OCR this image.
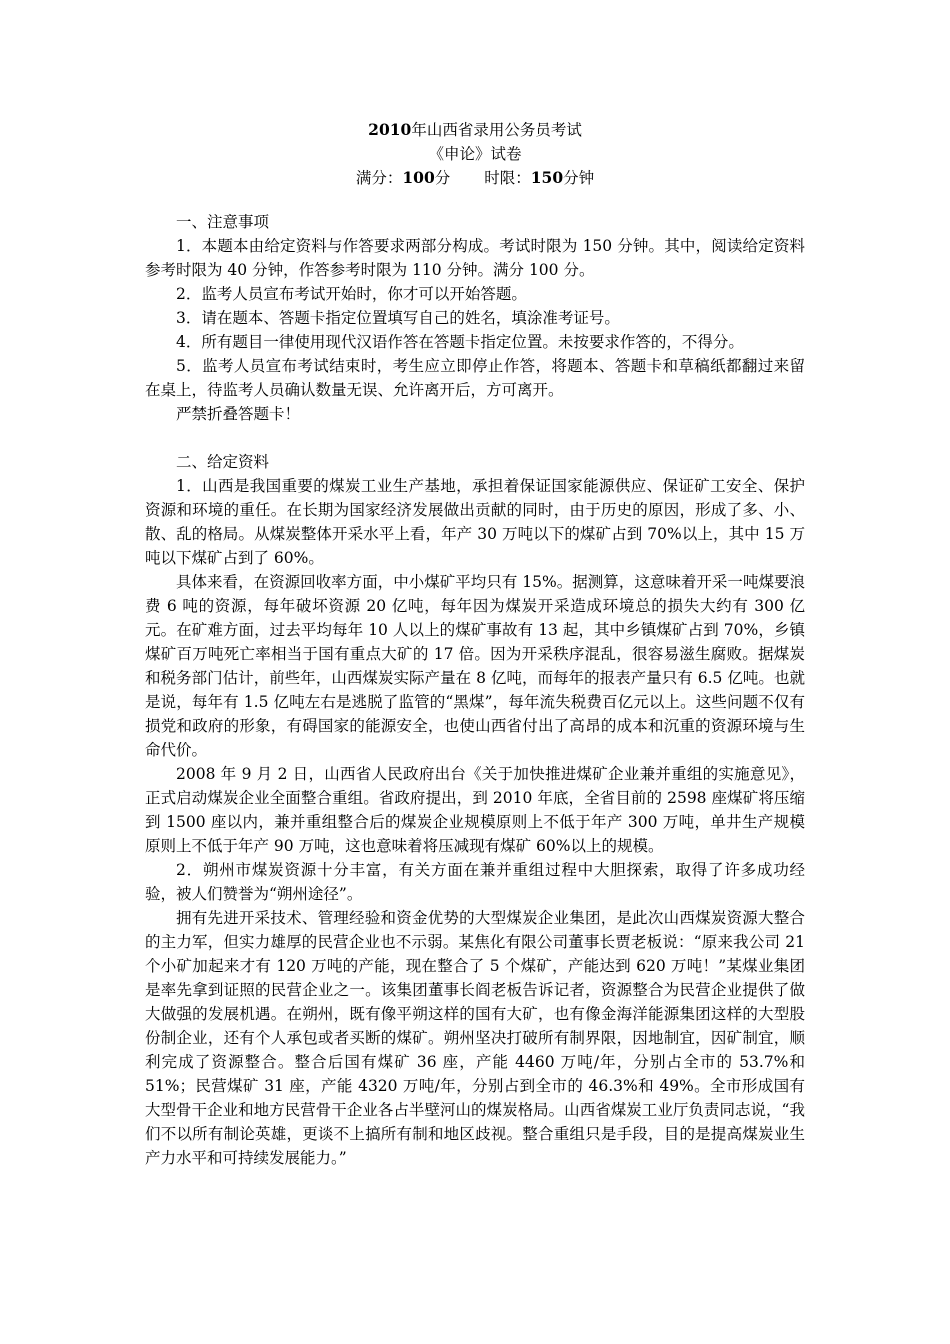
2010年山西省录用公务员考试
《申论》试卷
满分：100分 时限：150分钟
一、注意事项

1．本题本由给定资料与作答要求两部分构成。考试时限为 150 分钟。其中，阅读给定资料参考时限为 40 分钟，作答参考时限为 110 分钟。满分 100 分。

2．监考人员宣布考试开始时，你才可以开始答题。

3．请在题本、答题卡指定位置填写自己的姓名，填涂准考证号。

4．所有题目一律使用现代汉语作答在答题卡指定位置。未按要求作答的，不得分。

5．监考人员宣布考试结束时，考生应立即停止作答，将题本、答题卡和草稿纸都翻过来留在桌上，待监考人员确认数量无误、允许离开后，方可离开。

严禁折叠答题卡！

二、给定资料

1．山西是我国重要的煤炭工业生产基地，承担着保证国家能源供应、保证矿工安全、保护资源和环境的重任。在长期为国家经济发展做出贡献的同时，由于历史的原因，形成了多、小、散、乱的格局。从煤炭整体开采水平上看，年产 30 万吨以下的煤矿占到 70%以上，其中 15 万吨以下煤矿占到了 60%。

具体来看，在资源回收率方面，中小煤矿平均只有 15%。据测算，这意味着开采一吨煤要浪费 6 吨的资源，每年破坏资源 20 亿吨，每年因为煤炭开采造成环境总的损失大约有 300 亿元。在矿难方面，过去平均每年 10 人以上的煤矿事故有 13 起，其中乡镇煤矿占到 70%，乡镇煤矿百万吨死亡率相当于国有重点大矿的 17 倍。因为开采秩序混乱，很容易滋生腐败。据煤炭和税务部门估计，前些年，山西煤炭实际产量在 8 亿吨，而每年的报表产量只有 6.5 亿吨。也就是说，每年有 1.5 亿吨左右是逃脱了监管的“黑煤”，每年流失税费百亿元以上。这些问题不仅有损党和政府的形象，有碍国家的能源安全，也使山西省付出了高昂的成本和沉重的资源环境与生命代价。

2008 年 9 月 2 日，山西省人民政府出台《关于加快推进煤矿企业兼并重组的实施意见》，正式启动煤炭企业全面整合重组。省政府提出，到 2010 年底，全省目前的 2598 座煤矿将压缩到 1500 座以内，兼并重组整合后的煤炭企业规模原则上不低于年产 300 万吨，单井生产规模原则上不低于年产 90 万吨，这也意味着将压减现有煤矿 60%以上的规模。

2．朔州市煤炭资源十分丰富，有关方面在兼并重组过程中大胆探索，取得了许多成功经验，被人们赞誉为“朔州途径”。

拥有先进开采技术、管理经验和资金优势的大型煤炭企业集团，是此次山西煤炭资源大整合的主力军，但实力雄厚的民营企业也不示弱。某焦化有限公司董事长贾老板说：“原来我公司 21 个小矿加起来才有 120 万吨的产能，现在整合了 5 个煤矿，产能达到 620 万吨！”某煤业集团是率先拿到证照的民营企业之一。该集团董事长阎老板告诉记者，资源整合为民营企业提供了做大做强的发展机遇。在朔州，既有像平朔这样的国有大矿，也有像金海洋能源集团这样的大型股份制企业，还有个人承包或者买断的煤矿。朔州坚决打破所有制界限，因地制宜，因矿制宜，顺利完成了资源整合。整合后国有煤矿 36 座，产能 4460 万吨/年，分别占全市的 53.7%和 51%；民营煤矿 31 座，产能 4320 万吨/年，分别占到全市的 46.3%和 49%。全市形成国有大型骨干企业和地方民营骨干企业各占半壁河山的煤炭格局。山西省煤炭工业厅负责同志说，“我们不以所有制论英雄，更谈不上搞所有制和地区歧视。整合重组只是手段，目的是提高煤炭业生产力水平和可持续发展能力。”
